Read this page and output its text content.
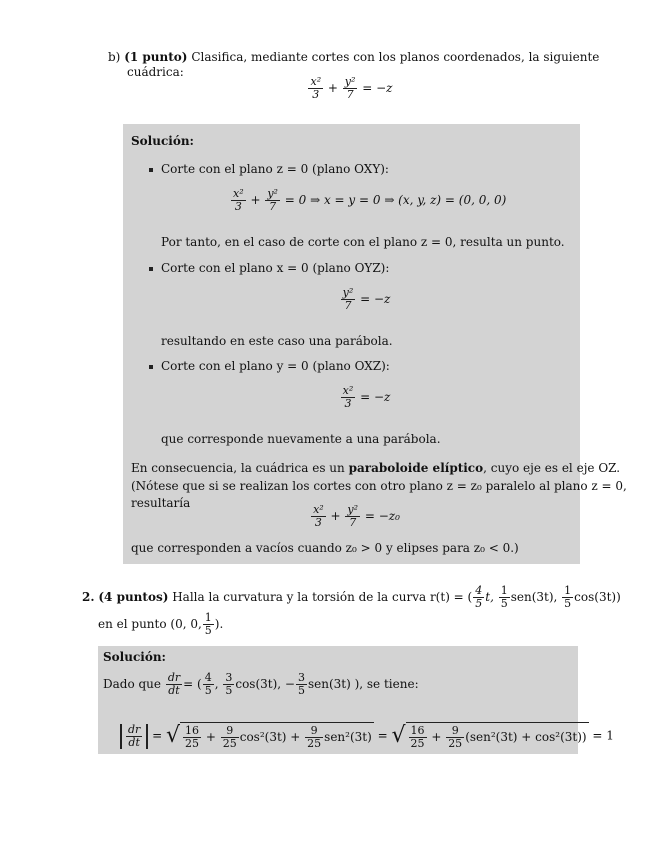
b) (1 punto) Clasifica, mediante cortes con los planos coordenados, la siguiente
cuádrica:
$\frac{\text{x²}}{3} + \frac{\text{y²}}{7} = -z$
Solución:
Corte con el plano z = 0 (plano OXY):
$\frac{\text{x²}}{3} + \frac{\text{y²}}{7} = 0$ ⇒ x = y = 0 ⇒ (x, y, z) = (0, 0, 0)
Por tanto, en el caso de corte con el plano z = 0, resulta un punto.
Corte con el plano x = 0 (plano OYZ):
$\frac{\text{y²}}{7} = -z$
resultando en este caso una parábola.
Corte con el plano y = 0 (plano OXZ):
$\frac{\text{x²}}{3} = -z$
que corresponde nuevamente a una parábola.
En consecuencia, la cuádrica es un paraboloide elíptico, cuyo eje es el eje OZ.
(Nótese que si se realizan los cortes con otro plano z = z₀ paralelo al plano z = 0,
resultaría
$\frac{\text{x²}}{3} + \frac{\text{y²}}{7} = -z_0$
que corresponden a vacíos cuando z₀ > 0 y elipses para z₀ < 0.)
2. (4 puntos) Halla la curvatura y la torsión de la curva r(t) = ( $\frac{4}{5} t$, $\frac{1}{5} sen(3t)$, $\frac{1}{5} \cos(3t)$)
en el punto (0, 0, $\frac{1}{5}$ ).
Solución:
Dado que $\frac{dr}{dt}$ = ( $\frac{4}{5}$ , $\frac{3}{5} \cos(3t)$, − $\frac{3}{5} sen(3t)$ ), se tiene:
$\frac{dr}{dt}$ = √ $\frac{16}{25} + \frac{9}{25} \cos^2(3t) + \frac{9}{25} sen^2(3t)$ = √ $\frac{16}{25} + \frac{9}{25} (sen^2(3t) + \cos^2(3t)) = 1$
